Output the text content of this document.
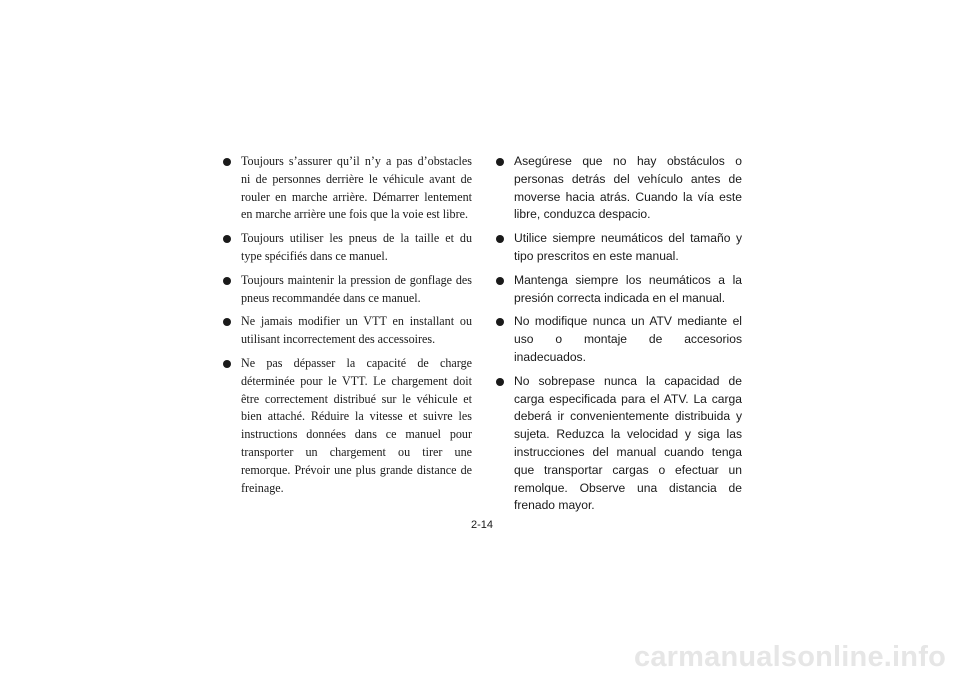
Toujours s’assurer qu’il n’y a pas d’obstacles ni de personnes derrière le véhicule avant de rouler en marche arrière. Démarrer lentement en marche arrière une fois que la voie est libre.
Toujours utiliser les pneus de la taille et du type spécifiés dans ce manuel.
Toujours maintenir la pression de gonflage des pneus recommandée dans ce manuel.
Ne jamais modifier un VTT en installant ou utilisant incorrectement des accessoires.
Ne pas dépasser la capacité de charge déterminée pour le VTT. Le chargement doit être correctement distribué sur le véhicule et bien attaché. Réduire la vitesse et suivre les instructions données dans ce manuel pour transporter un chargement ou tirer une remorque. Prévoir une plus grande distance de freinage.
Asegúrese que no hay obstáculos o personas detrás del vehículo antes de moverse hacia atrás. Cuando la vía este libre, conduzca despacio.
Utilice siempre neumáticos del tamaño y tipo prescritos en este manual.
Mantenga siempre los neumáticos a la presión correcta indicada en el manual.
No modifique nunca un ATV mediante el uso o montaje de accesorios inadecuados.
No sobrepase nunca la capacidad de carga especificada para el ATV. La carga deberá ir convenientemente distribuida y sujeta. Reduzca la velocidad y siga las instrucciones del manual cuando tenga que transportar cargas o efectuar un remolque. Observe una distancia de frenado mayor.
2-14
carmanualsonline.info
